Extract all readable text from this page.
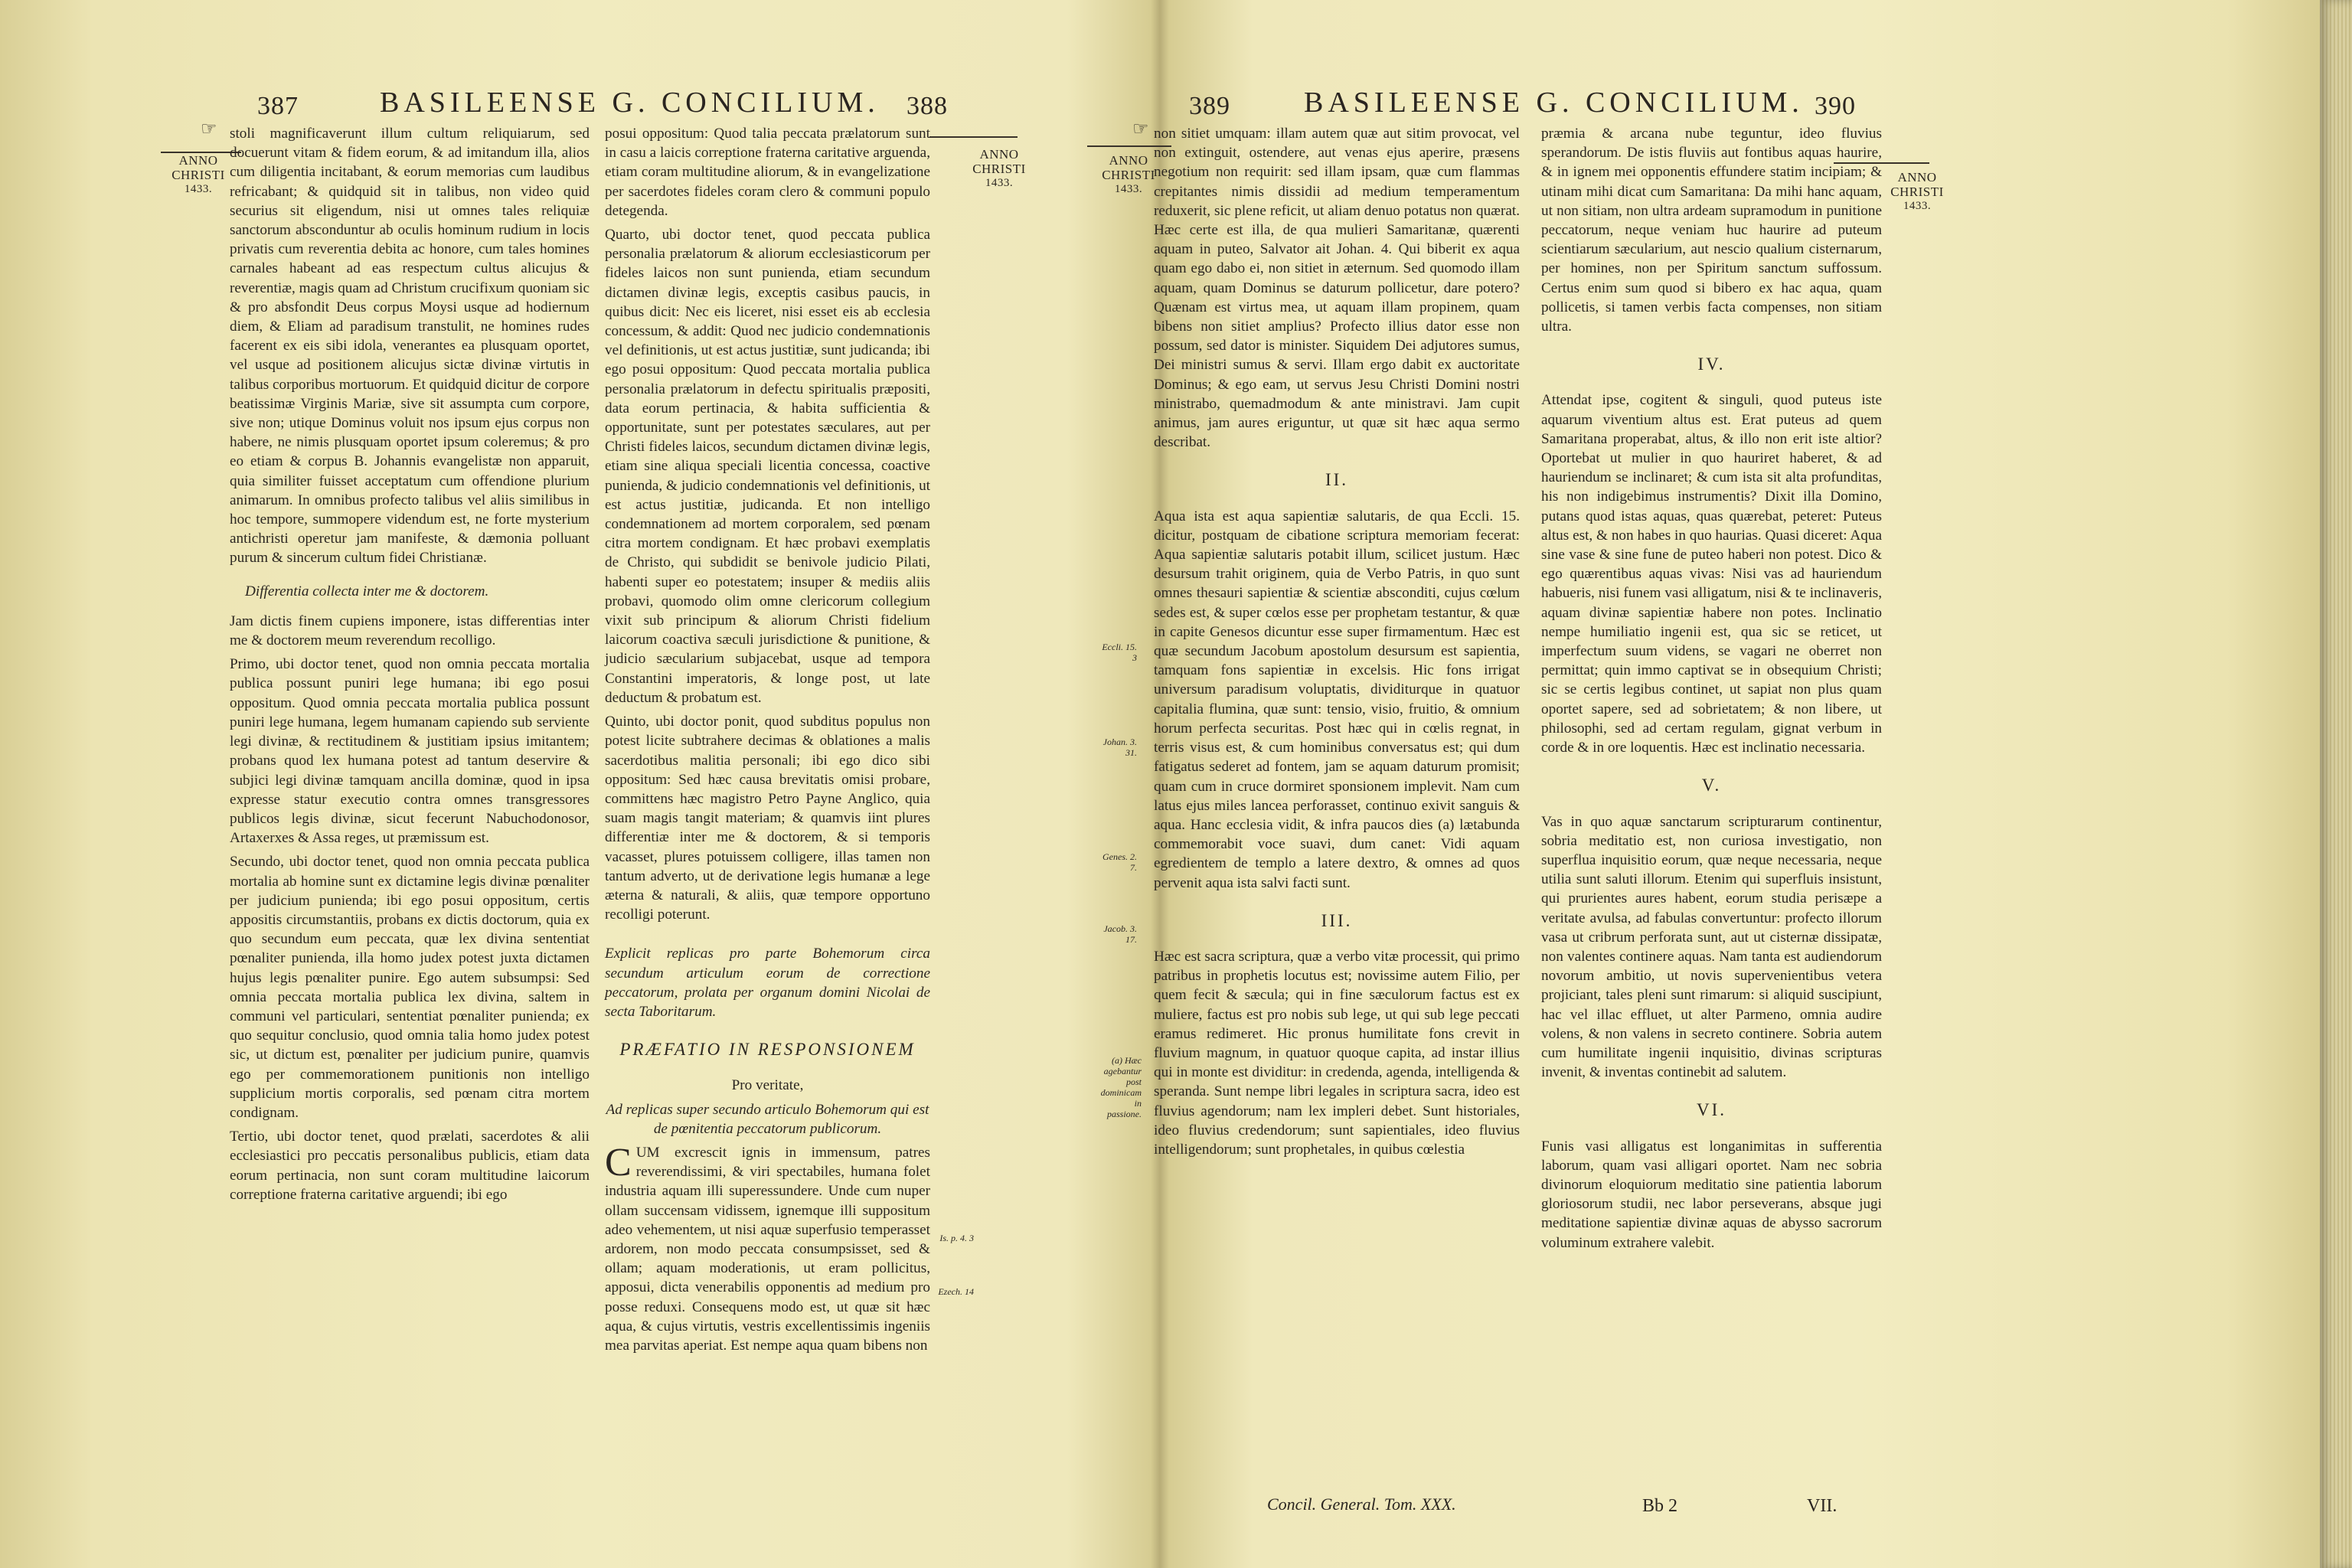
387	BASILEENSE G. CONCILIUM. 388
☞
ANNO
CHRISTI

1433.
ANNO
CHRISTI

1433.

stoli magnificaverunt illum cultum reliquiarum, sed docuerunt vitam & fidem eorum, & ad imitandum illa, alios cum diligentia incitabant, & eorum memorias cum laudibus refricabant; & quidquid sit in talibus, non video quid securius sit eligendum, nisi ut omnes tales reliquiæ sanctorum absconduntur ab oculis hominum rudium in locis privatis cum reverentia debita ac honore, cum tales homines carnales habeant ad eas respectum cultus alicujus & reverentiæ, magis quam ad Christum crucifixum quoniam sic & pro absfondit Deus corpus Moysi usque ad hodiernum diem, & Eliam ad paradisum transtulit, ne homines rudes facerent ex eis sibi idola, venerantes ea plusquam oportet, vel usque ad positionem alicujus sictæ divinæ virtutis in talibus corporibus mortuorum. Et quidquid dicitur de corpore beatissimæ Virginis Mariæ, sive sit assumpta cum corpore, sive non; utique Dominus voluit nos ipsum ejus corpus non habere, ne nimis plusquam oportet ipsum coleremus; & pro eo etiam & corpus B. Johannis evangelistæ non apparuit, quia similiter fuisset acceptatum cum offendione plurium animarum. In omnibus profecto talibus vel aliis similibus in hoc tempore, summopere videndum est, ne forte mysterium antichristi operetur jam manifeste, & dæmonia polluant purum & sincerum cultum fidei Christianæ.

Differentia collecta inter me & doctorem.

Jam dictis finem cupiens imponere, istas differentias inter me & doctorem meum reverendum recolligo.

Primo, ubi doctor tenet, quod non omnia peccata mortalia publica possunt puniri lege humana; ibi ego posui oppositum. Quod omnia peccata mortalia publica possunt puniri lege humana, legem humanam capiendo sub serviente legi divinæ, & rectitudinem & justitiam ipsius imitantem; probans quod lex humana potest ad tantum deservire & subjici legi divinæ tamquam ancilla dominæ, quod in ipsa expresse statur executio contra omnes transgressores publicos legis divinæ, sicut fecerunt Nabuchodonosor, Artaxerxes & Assa reges, ut præmissum est.

Secundo, ubi doctor tenet, quod non omnia peccata publica mortalia ab homine sunt ex dictamine legis divinæ pœnaliter per judicium punienda; ibi ego posui oppositum, certis appositis circumstantiis, probans ex dictis doctorum, quia ex quo secundum eum peccata, quæ lex divina sententiat pœnaliter punienda, illa homo judex potest juxta dictamen hujus legis pœnaliter punire. Ego autem subsumpsi: Sed omnia peccata mortalia publica lex divina, saltem in communi vel particulari, sententiat pœnaliter punienda; ex quo sequitur conclusio, quod omnia talia homo judex potest sic, ut dictum est, pœnaliter per judicium punire, quamvis ego per commemorationem punitionis non intelligo supplicium mortis corporalis, sed pœnam citra mortem condignam.

Tertio, ubi doctor tenet, quod prælati, sacerdotes & alii ecclesiastici pro peccatis personalibus publicis, etiam data eorum pertinacia, non sunt coram multitudine laicorum correptione fraterna caritative arguendi; ibi ego

posui oppositum: Quod talia peccata prælatorum sunt in casu a laicis correptione fraterna caritative arguenda, etiam coram multitudine aliorum, & in evangelizatione per sacerdotes fideles coram clero & communi populo detegenda.

Quarto, ubi doctor tenet, quod peccata publica personalia prælatorum & aliorum ecclesiasticorum per fideles laicos non sunt punienda, etiam secundum dictamen divinæ legis, exceptis casibus paucis, in quibus dicit: Nec eis liceret, nisi esset eis ab ecclesia concessum, & addit: Quod nec judicio condemnationis vel definitionis, ut est actus justitiæ, sunt judicanda; ibi ego posui oppositum: Quod peccata mortalia publica personalia prælatorum in defectu spiritualis præpositi, data eorum pertinacia, & habita sufficientia & opportunitate, sunt per potestates sæculares, aut per Christi fideles laicos, secundum dictamen divinæ legis, etiam sine aliqua speciali licentia concessa, coactive punienda, & judicio condemnationis vel definitionis, ut est actus justitiæ, judicanda. Et non intelligo condemnationem ad mortem corporalem, sed pœnam citra mortem condignam. Et hæc probavi exemplatis de Christo, qui subdidit se benivole judicio Pilati, habenti super eo potestatem; insuper & mediis aliis probavi, quomodo olim omne clericorum collegium vixit sub principum & aliorum Christi fidelium laicorum coactiva sæculi jurisdictione & punitione, & judicio sæcularium subjacebat, usque ad tempora Constantini imperatoris, & longe post, ut late deductum & probatum est.

Quinto, ubi doctor ponit, quod subditus populus non potest licite subtrahere decimas & oblationes a malis sacerdotibus malitia personali; ibi ego dico sibi oppositum: Sed hæc causa brevitatis omisi probare, committens hæc magistro Petro Payne Anglico, quia suam magis tangit materiam; & quamvis iint plures differentiæ inter me & doctorem, & si temporis vacasset, plures potuissem colligere, illas tamen non tantum adverto, ut de derivatione legis humanæ a lege æterna & naturali, & aliis, quæ tempore opportuno recolligi poterunt.

Explicit replicas pro parte Bohemorum circa secundum articulum eorum de correctione peccatorum, prolata per organum domini Nicolai de secta Taboritarum.

PRÆFATIO IN RESPONSIONEM

Pro veritate,

Ad replicas super secundo articulo Bohemorum qui est de pœnitentia peccatorum publicorum.

CUM excrescit ignis in immensum, patres reverendissimi, & viri spectabiles, humana folet industria aquam illi superessundere. Unde cum nuper ollam succensam vidissem, ignemque illi suppositum adeo vehementem, ut nisi aquæ superfusio temperasset ardorem, non modo peccata consumpsisset, sed & ollam; aquam moderationis, ut eram pollicitus, apposui, dicta venerabilis opponentis ad medium pro posse reduxi. Consequens modo est, ut quæ sit hæc aqua, & cujus virtutis, vestris excellentissimis ingeniis mea parvitas aperiat. Est nempe aqua quam bibens non

Is. p. 4. 3
Ezech. 14
389	BASILEENSE G. CONCILIUM. 390
☞
ANNO
CHRISTI

1433.
ANNO
CHRISTI

1433.
Eccli. 15. 3
Johan. 3. 31.
Genes. 2. 7.
Jacob. 3. 17.
(a) Hæc agebantur post dominicam in passione.

non sitiet umquam: illam autem quæ aut sitim provocat, vel non extinguit, ostendere, aut venas ejus aperire, præsens negotium non requirit: sed illam ipsam, quæ cum flammas crepitantes nimis dissidii ad medium temperamentum reduxerit, sic plene reficit, ut aliam denuo potatus non quærat. Hæc certe est illa, de qua mulieri Samaritanæ, quærenti aquam in puteo, Salvator ait Johan. 4. Qui biberit ex aqua quam ego dabo ei, non sitiet in æternum. Sed quomodo illam aquam, quam Dominus se daturum pollicetur, dare potero? Quænam est virtus mea, ut aquam illam propinem, quam bibens non sitiet amplius? Profecto illius dator esse non possum, sed dator is minister. Siquidem Dei adjutores sumus, Dei ministri sumus & servi. Illam ergo dabit ex auctoritate Dominus; & ego eam, ut servus Jesu Christi Domini nostri ministrabo, quemadmodum & ante ministravi. Jam cupit animus, jam aures eriguntur, ut quæ sit hæc aqua sermo describat.

II.

Aqua ista est aqua sapientiæ salutaris, de qua Eccli. 15. dicitur, postquam de cibatione scriptura memoriam fecerat: Aqua sapientiæ salutaris potabit illum, scilicet justum. Hæc desursum trahit originem, quia de Verbo Patris, in quo sunt omnes thesauri sapientiæ & scientiæ absconditi, cujus cœlum sedes est, & super cœlos esse per prophetam testantur, & quæ in capite Genesos dicuntur esse super firmamentum. Hæc est quæ secundum Jacobum apostolum desursum est sapientia, tamquam fons sapientiæ in excelsis. Hic fons irrigat universum paradisum voluptatis, dividiturque in quatuor capitalia flumina, quæ sunt: tensio, visio, fruitio, & omnium horum perfecta securitas. Post hæc qui in cœlis regnat, in terris visus est, & cum hominibus conversatus est; qui dum fatigatus sederet ad fontem, jam se aquam daturum promisit; quam cum in cruce dormiret sponsionem implevit. Nam cum latus ejus miles lancea perforasset, continuo exivit sanguis & aqua. Hanc ecclesia vidit, & infra paucos dies (a) lætabunda commemorabit voce suavi, dum canet: Vidi aquam egredientem de templo a latere dextro, & omnes ad quos pervenit aqua ista salvi facti sunt.

III.

Hæc est sacra scriptura, quæ a verbo vitæ processit, qui primo patribus in prophetis locutus est; novissime autem Filio, per quem fecit & sæcula; qui in fine sæculorum factus est ex muliere, factus est pro nobis sub lege, ut qui sub lege peccati eramus redimeret. Hic pronus humilitate fons crevit in fluvium magnum, in quatuor quoque capita, ad instar illius qui in monte est dividitur: in credenda, agenda, intelligenda & speranda. Sunt nempe libri legales in scriptura sacra, ideo est fluvius agendorum; nam lex impleri debet. Sunt historiales, ideo fluvius credendorum; sunt sapientiales, ideo fluvius intelligendorum; sunt prophetales, in quibus cœlestia

præmia & arcana nube teguntur, ideo fluvius sperandorum. De istis fluviis aut fontibus aquas haurire, & in ignem mei opponentis effundere statim incipiam; & utinam mihi dicat cum Samaritana: Da mihi hanc aquam, ut non sitiam, non ultra ardeam supramodum in punitione peccatorum, neque veniam huc haurire ad puteum scientiarum sæcularium, aut nescio qualium cisternarum, per homines, non per Spiritum sanctum suffossum. Certus enim sum quod si bibero ex hac aqua, quam pollicetis, si tamen verbis facta compenses, non sitiam ultra.

IV.

Attendat ipse, cogitent & singuli, quod puteus iste aquarum viventium altus est. Erat puteus ad quem Samaritana properabat, altus, & illo non erit iste altior? Oportebat ut mulier in quo hauriret haberet, & ad hauriendum se inclinaret; & cum ista sit alta profunditas, his non indigebimus instrumentis? Dixit illa Domino, putans quod istas aquas, quas quærebat, peteret: Puteus altus est, & non habes in quo haurias. Quasi diceret: Aqua sine vase & sine fune de puteo haberi non potest. Dico & ego quærentibus aquas vivas: Nisi vas ad hauriendum habueris, nisi funem vasi alligatum, nisi & te inclinaveris, aquam divinæ sapientiæ habere non potes. Inclinatio nempe humiliatio ingenii est, qua sic se reticet, ut imperfectum suum videns, se vagari ne oberret non permittat; quin immo captivat se in obsequium Christi; sic se certis legibus continet, ut sapiat non plus quam oportet sapere, sed ad sobrietatem; & non libere, ut philosophi, sed ad certam regulam, gignat verbum in corde & in ore loquentis. Hæc est inclinatio necessaria.

V.

Vas in quo aquæ sanctarum scripturarum continentur, sobria meditatio est, non curiosa investigatio, non superflua inquisitio eorum, quæ neque necessaria, neque utilia sunt saluti illorum. Etenim qui superfluis insistunt, qui prurientes aures habent, eorum studia perisæpe a veritate avulsa, ad fabulas convertuntur: profecto illorum vasa ut cribrum perforata sunt, aut ut cisternæ dissipatæ, non valentes continere aquas. Nam tanta est audiendorum novorum ambitio, ut novis supervenientibus vetera projiciant, tales pleni sunt rimarum: si aliquid suscipiunt, hac vel illac effluet, ut alter Parmeno, omnia audire volens, & non valens in secreto continere. Sobria autem cum humilitate ingenii inquisitio, divinas scripturas invenit, & inventas continebit ad salutem.

VI.

Funis vasi alligatus est longanimitas in sufferentia laborum, quam vasi alligari oportet. Nam nec sobria divinorum eloquiorum meditatio sine patientia laborum gloriosorum studii, nec labor perseverans, absque jugi meditatione sapientiæ divinæ aquas de abysso sacrorum voluminum extrahere valebit.

Concil. General. Tom. XXX.	Bb 2	VII.
